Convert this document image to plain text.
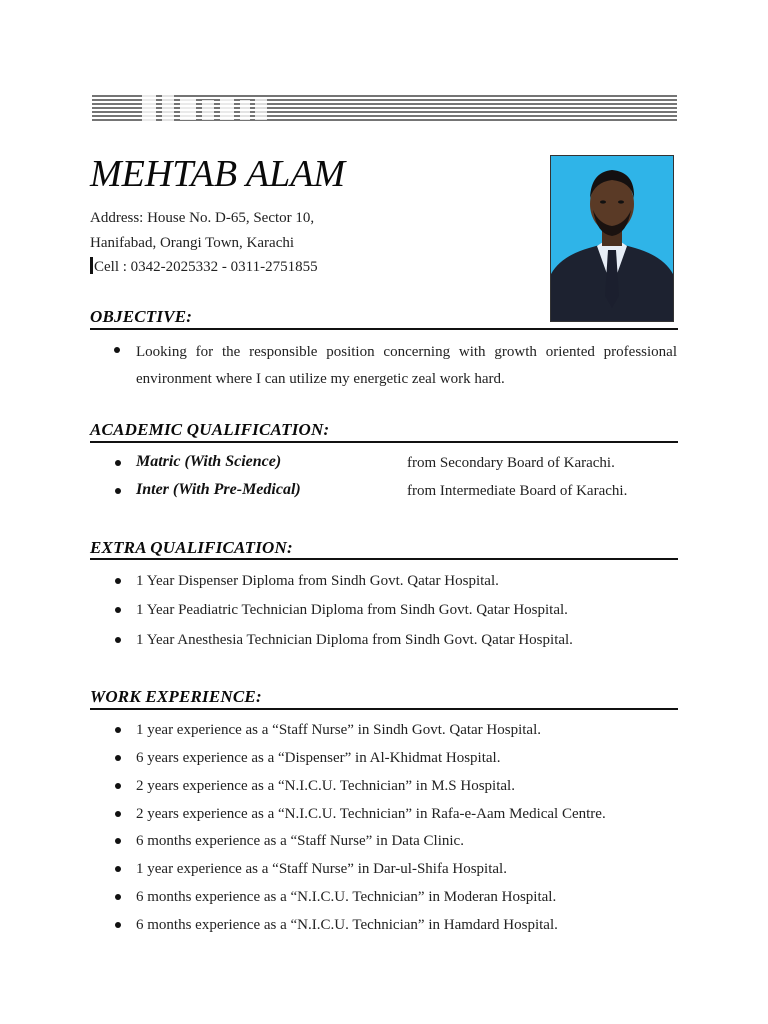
MEHTAB ALAM
Address: House No. D-65, Sector 10,
Hanifabad, Orangi Town, Karachi
Cell : 0342-2025332 - 0311-2751855
OBJECTIVE:
Looking for the responsible position concerning with growth oriented professional environment where I can utilize my energetic zeal work hard.
ACADEMIC QUALIFICATION:
Matric (With Science)	from Secondary Board of Karachi.
Inter (With Pre-Medical)	from Intermediate Board of Karachi.
EXTRA QUALIFICATION:
1 Year Dispenser Diploma from Sindh Govt. Qatar Hospital.
1 Year Peadiatric Technician Diploma from Sindh Govt. Qatar Hospital.
1 Year Anesthesia Technician Diploma from Sindh Govt. Qatar Hospital.
WORK EXPERIENCE:
1 year experience as a “Staff Nurse” in Sindh Govt. Qatar Hospital.
6 years experience as a “Dispenser” in Al-Khidmat Hospital.
2 years experience as a “N.I.C.U. Technician” in M.S Hospital.
2 years experience as a “N.I.C.U. Technician” in Rafa-e-Aam Medical Centre.
6 months experience as a “Staff Nurse” in Data Clinic.
1 year experience as a “Staff Nurse” in Dar-ul-Shifa Hospital.
6 months experience as a “N.I.C.U. Technician” in Moderan Hospital.
6 months experience as a “N.I.C.U. Technician” in Hamdard Hospital.
